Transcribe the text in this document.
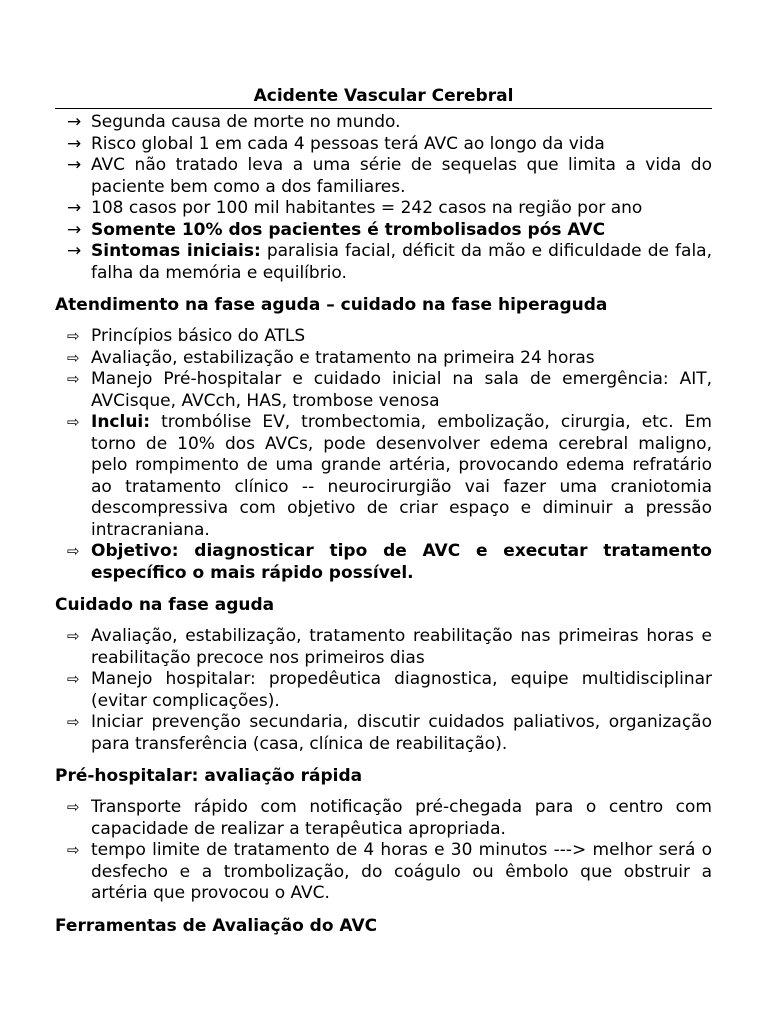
Acidente Vascular Cerebral
→ Segunda causa de morte no mundo.
→ Risco global 1 em cada 4 pessoas terá AVC ao longo da vida
→ AVC não tratado leva a uma série de sequelas que limita a vida do paciente bem como a dos familiares.
→ 108 casos por 100 mil habitantes = 242 casos na região por ano
→ Somente 10% dos pacientes é trombolisados pós AVC
→ Sintomas iniciais: paralisia facial, déficit da mão e dificuldade de fala, falha da memória e equilíbrio.
Atendimento na fase aguda – cuidado na fase hiperaguda
⇨ Princípios básico do ATLS
⇨ Avaliação, estabilização e tratamento na primeira 24 horas
⇨ Manejo Pré-hospitalar e cuidado inicial na sala de emergência: AIT, AVCisque, AVCch, HAS, trombose venosa
⇨ Inclui: trombólise EV, trombectomia, embolização, cirurgia, etc. Em torno de 10% dos AVCs, pode desenvolver edema cerebral maligno, pelo rompimento de uma grande artéria, provocando edema refratário ao tratamento clínico -- neurocirurgião vai fazer uma craniotomia descompressiva com objetivo de criar espaço e diminuir a pressão intracraniana.
⇨ Objetivo: diagnosticar tipo de AVC e executar tratamento específico o mais rápido possível.
Cuidado na fase aguda
⇨ Avaliação, estabilização, tratamento reabilitação nas primeiras horas e reabilitação precoce nos primeiros dias
⇨ Manejo hospitalar: propedêutica diagnostica, equipe multidisciplinar (evitar complicações).
⇨ Iniciar prevenção secundaria, discutir cuidados paliativos, organização para transferência (casa, clínica de reabilitação).
Pré-hospitalar: avaliação rápida
⇨ Transporte rápido com notificação pré-chegada para o centro com capacidade de realizar a terapêutica apropriada.
⇨ tempo limite de tratamento de 4 horas e 30 minutos ---> melhor será o desfecho e a trombolização, do coágulo ou êmbolo que obstruir a artéria que provocou o AVC.
Ferramentas de Avaliação do AVC
